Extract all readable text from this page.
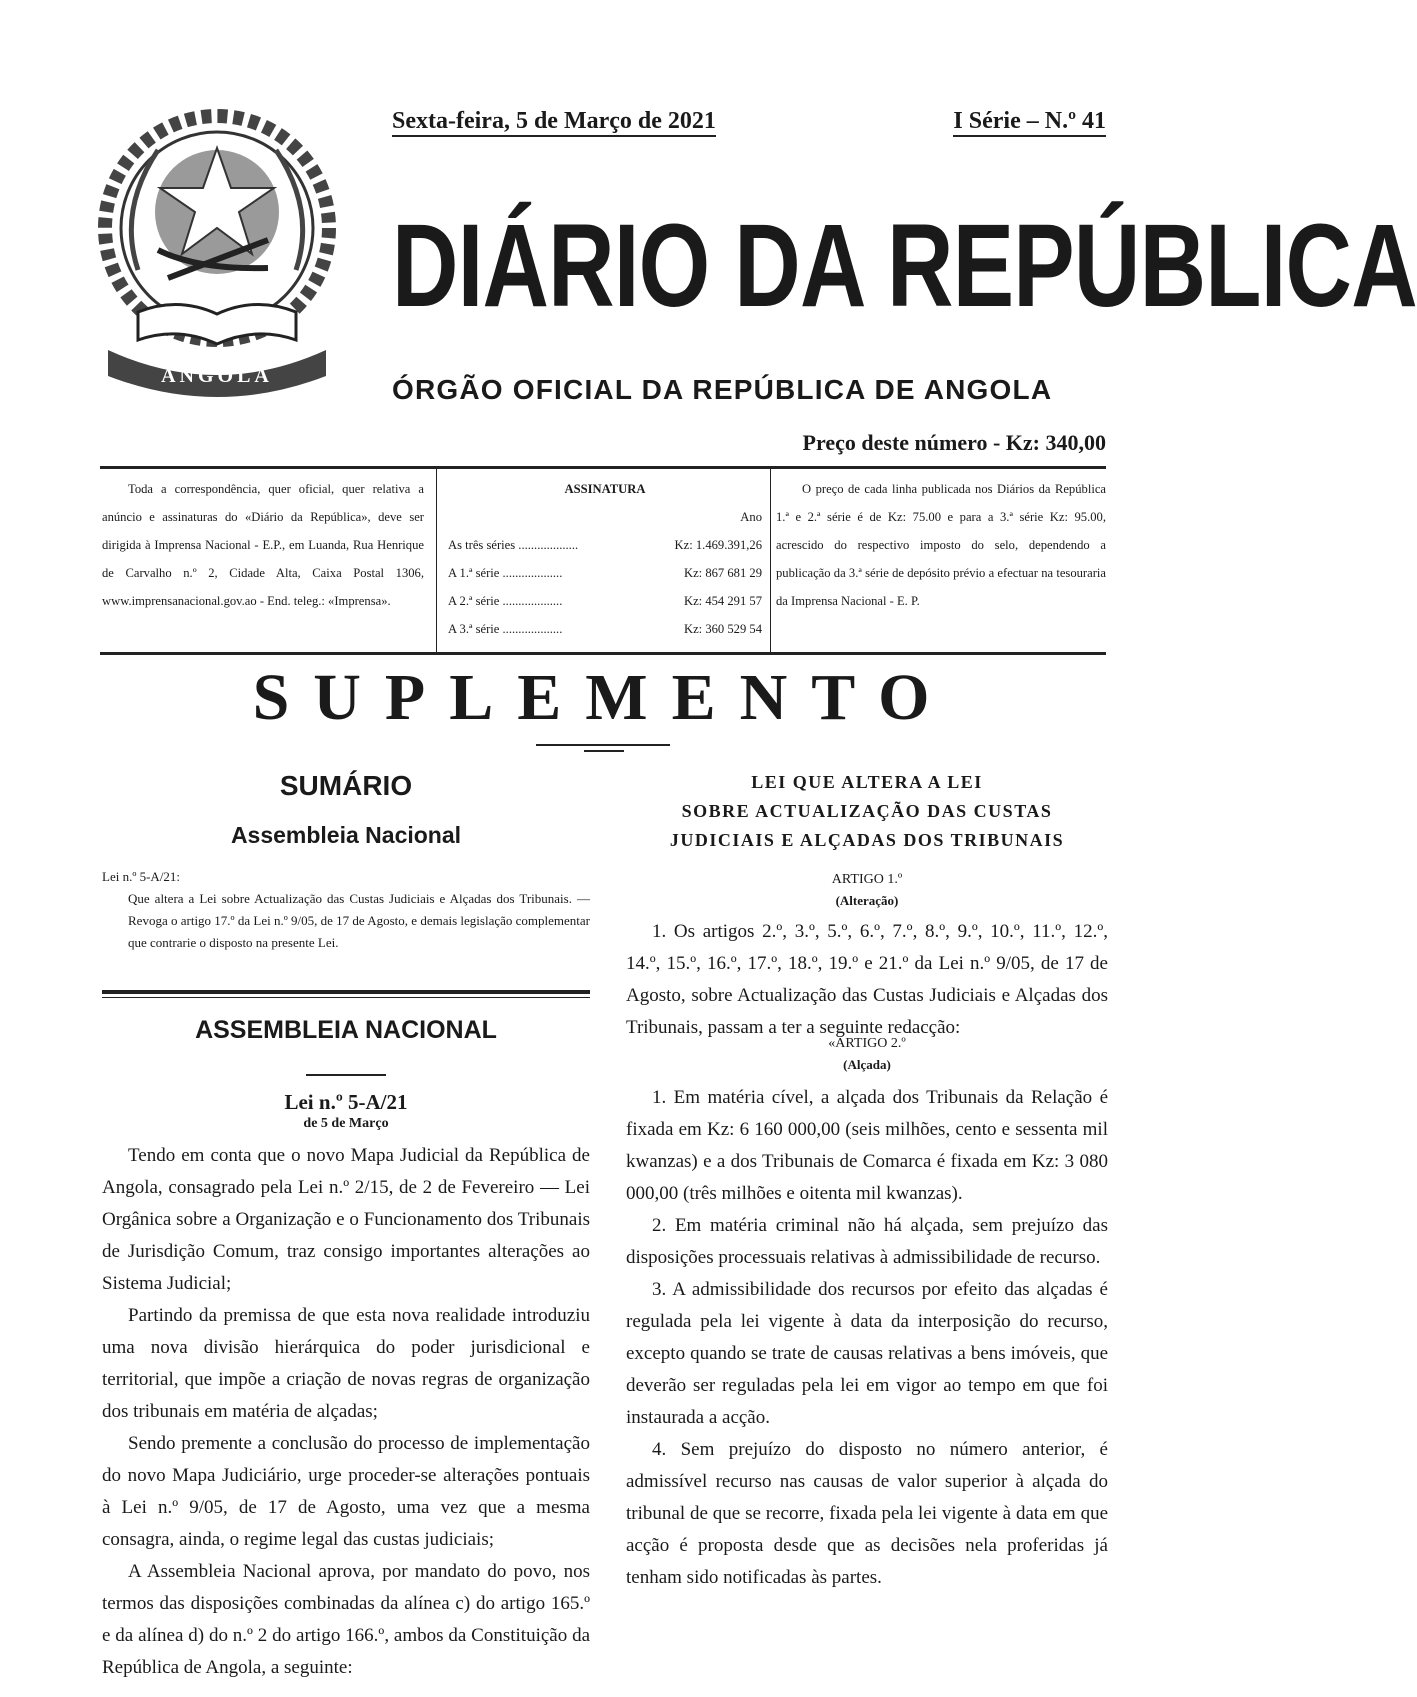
ANGOLA
Sexta-feira, 5 de Março de 2021	I Série – N.º 41
DIÁRIO DA REPÚBLICA
ÓRGÃO OFICIAL DA REPÚBLICA DE ANGOLA
Preço deste número - Kz: 340,00

Toda a correspondência, quer oficial, quer relativa a anúncio e assinaturas do «Diário da República», deve ser dirigida à Imprensa Nacional - E.P., em Luanda, Rua Henrique de Carvalho n.º 2, Cidade Alta, Caixa Postal 1306, www.imprensanacional.gov.ao - End. teleg.: «Imprensa».

ASSINATURA
Ano
As três séries ...................	Kz: 1.469.391,26
A 1.ª série ...................	Kz: 867 681 29
A 2.ª série ...................	Kz: 454 291 57
A 3.ª série ...................	Kz: 360 529 54

O preço de cada linha publicada nos Diários da República 1.ª e 2.ª série é de Kz: 75.00 e para a 3.ª série Kz: 95.00, acrescido do respectivo imposto do selo, dependendo a publicação da 3.ª série de depósito prévio a efectuar na tesouraria da Imprensa Nacional - E. P.

SUPLEMENTO
SUMÁRIO
Assembleia Nacional
Lei n.º 5-A/21:
Que altera a Lei sobre Actualização das Custas Judiciais e Alçadas dos Tribunais. — Revoga o artigo 17.º da Lei n.º 9/05, de 17 de Agosto, e demais legislação complementar que contrarie o disposto na presente Lei.
ASSEMBLEIA NACIONAL
Lei n.º 5-A/21
de 5 de Março

Tendo em conta que o novo Mapa Judicial da República de Angola, consagrado pela Lei n.º 2/15, de 2 de Fevereiro — Lei Orgânica sobre a Organização e o Funcionamento dos Tribunais de Jurisdição Comum, traz consigo importantes alterações ao Sistema Judicial;

Partindo da premissa de que esta nova realidade introduziu uma nova divisão hierárquica do poder jurisdicional e territorial, que impõe a criação de novas regras de organização dos tribunais em matéria de alçadas;

Sendo premente a conclusão do processo de implementação do novo Mapa Judiciário, urge proceder-se alterações pontuais à Lei n.º 9/05, de 17 de Agosto, uma vez que a mesma consagra, ainda, o regime legal das custas judiciais;

A Assembleia Nacional aprova, por mandato do povo, nos termos das disposições combinadas da alínea c) do artigo 165.º e da alínea d) do n.º 2 do artigo 166.º, ambos da Constituição da República de Angola, a seguinte:

LEI QUE ALTERA A LEI
SOBRE ACTUALIZAÇÃO DAS CUSTAS
JUDICIAIS E ALÇADAS DOS TRIBUNAIS
ARTIGO 1.º
(Alteração)

1. Os artigos 2.º, 3.º, 5.º, 6.º, 7.º, 8.º, 9.º, 10.º, 11.º, 12.º, 14.º, 15.º, 16.º, 17.º, 18.º, 19.º e 21.º da Lei n.º 9/05, de 17 de Agosto, sobre Actualização das Custas Judiciais e Alçadas dos Tribunais, passam a ter a seguinte redacção:

«ARTIGO 2.º
(Alçada)

1. Em matéria cível, a alçada dos Tribunais da Relação é fixada em Kz: 6 160 000,00 (seis milhões, cento e sessenta mil kwanzas) e a dos Tribunais de Comarca é fixada em Kz: 3 080 000,00 (três milhões e oitenta mil kwanzas).

2. Em matéria criminal não há alçada, sem prejuízo das disposições processuais relativas à admissibilidade de recurso.

3. A admissibilidade dos recursos por efeito das alçadas é regulada pela lei vigente à data da interposição do recurso, excepto quando se trate de causas relativas a bens imóveis, que deverão ser reguladas pela lei em vigor ao tempo em que foi instaurada a acção.

4. Sem prejuízo do disposto no número anterior, é admissível recurso nas causas de valor superior à alçada do tribunal de que se recorre, fixada pela lei vigente à data em que acção é proposta desde que as decisões nela proferidas já tenham sido notificadas às partes.
